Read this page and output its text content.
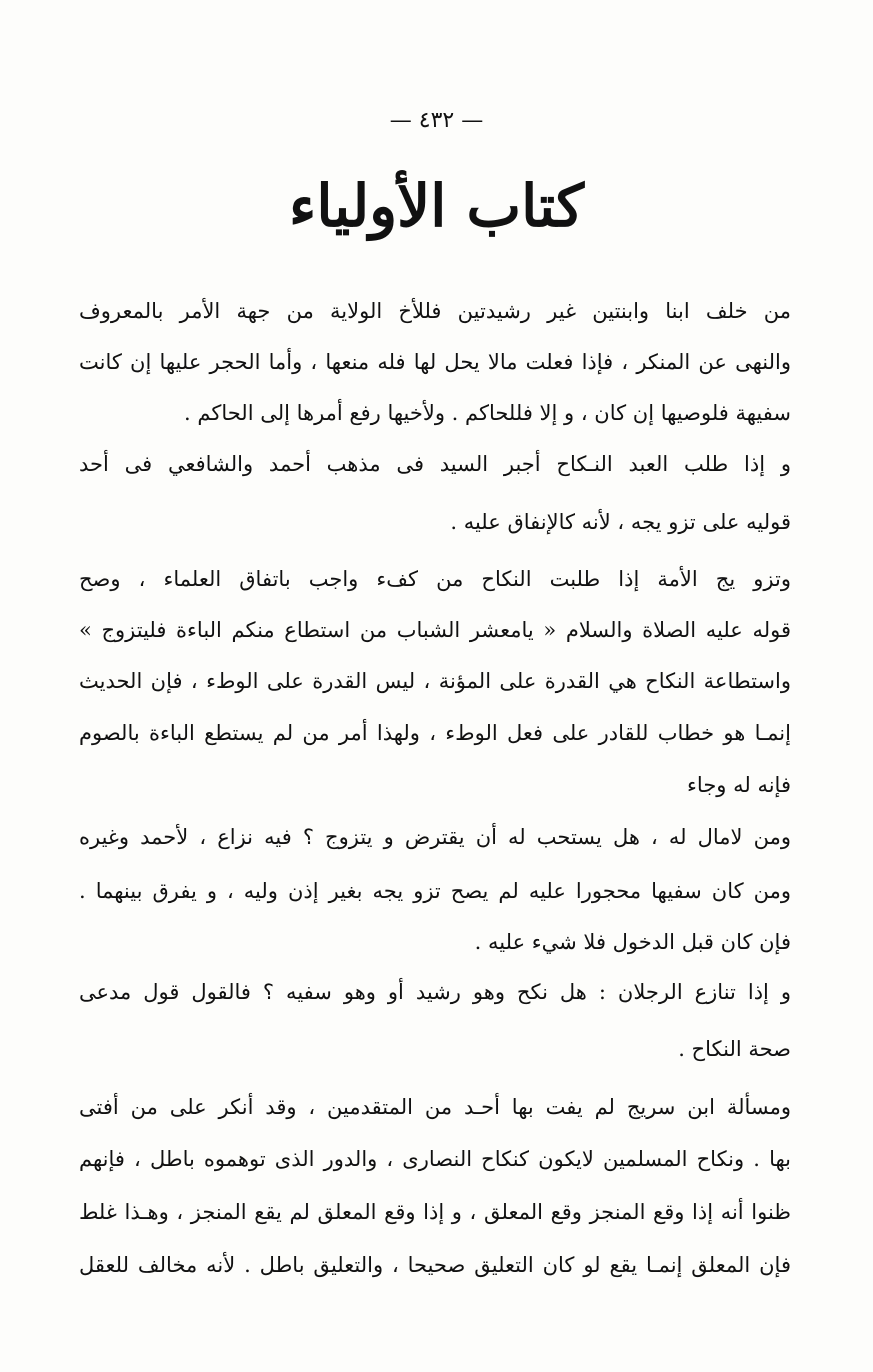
— ٤٣٢ —
كتاب الأولياء
من خلف ابنا وابنتين غير رشيدتين فللأخ الولاية من جهة الأمر بالمعروف
والنهى عن المنكر ، فإذا فعلت مالا يحل لها فله منعها ، وأما الحجر عليها إن كانت
سفيهة فلوصيها إن كان ، و إلا فللحاكم . ولأخيها رفع أمرها إلى الحاكم .
و إذا طلب العبد النـكاح أجبر السيد فى مذهب أحمد والشافعي فى أحد
قوليه على تزو يجه ، لأنه كالإنفاق عليه .
وتزو يج الأمة إذا طلبت النكاح من كفء واجب باتفاق العلماء ، وصح
قوله عليه الصلاة والسلام « يامعشر الشباب من استطاع منكم الباءة فليتزوج »
واستطاعة النكاح هي القدرة على المؤنة ، ليس القدرة على الوطء ، فإن الحديث
إنمـا هو خطاب للقادر على فعل الوطء ، ولهذا أمر من لم يستطع الباءة بالصوم
فإنه له وجاء
ومن لامال له ، هل يستحب له أن يقترض و يتزوج ؟ فيه نزاع ، لأحمد وغيره
ومن كان سفيها محجورا عليه لم يصح تزو يجه بغير إذن وليه ، و يفرق بينهما .
فإن كان قبل الدخول فلا شيء عليه .
و إذا تنازع الرجلان : هل نكح وهو رشيد أو وهو سفيه ؟ فالقول قول مدعى
صحة النكاح .
ومسألة ابن سريج لم يفت بها أحـد من المتقدمين ، وقد أنكر على من أفتى
بها . ونكاح المسلمين لايكون كنكاح النصارى ، والدور الذى توهموه باطل ، فإنهم
ظنوا أنه إذا وقع المنجز وقع المعلق ، و إذا وقع المعلق لم يقع المنجز ، وهـذا غلط
فإن المعلق إنمـا يقع لو كان التعليق صحيحا ، والتعليق باطل . لأنه مخالف للعقل
